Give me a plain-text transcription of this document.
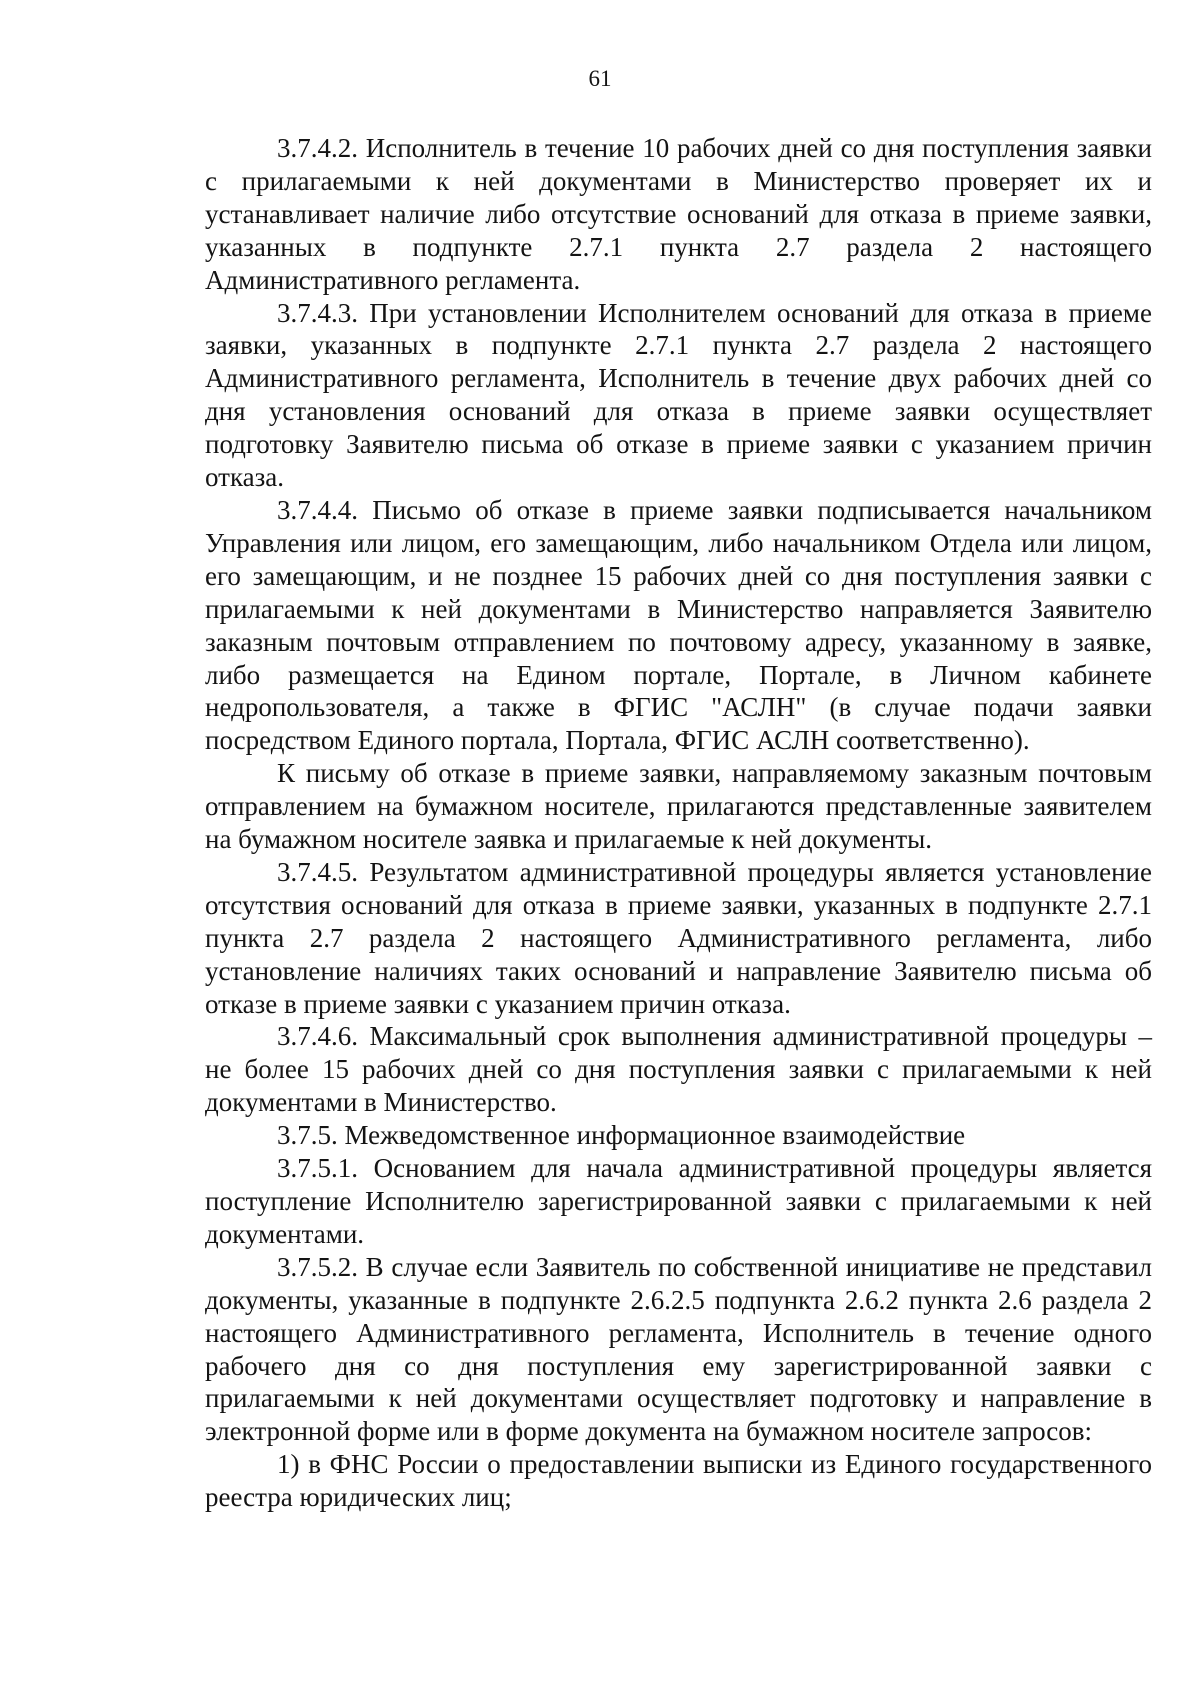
61

3.7.4.2. Исполнитель в течение 10 рабочих дней со дня поступления заявки с прилагаемыми к ней документами в Министерство проверяет их и устанавливает наличие либо отсутствие оснований для отказа в приеме заявки, указанных в подпункте 2.7.1 пункта 2.7 раздела 2 настоящего Административного регламента.

3.7.4.3. При установлении Исполнителем оснований для отказа в приеме заявки, указанных в подпункте 2.7.1 пункта 2.7 раздела 2 настоящего Административного регламента, Исполнитель в течение двух рабочих дней со дня установления оснований для отказа в приеме заявки осуществляет подготовку Заявителю письма об отказе в приеме заявки с указанием причин отказа.

3.7.4.4. Письмо об отказе в приеме заявки подписывается начальником Управления или лицом, его замещающим, либо начальником Отдела или лицом, его замещающим, и не позднее 15 рабочих дней со дня поступления заявки с прилагаемыми к ней документами в Министерство направляется Заявителю заказным почтовым отправлением по почтовому адресу, указанному в заявке, либо размещается на Едином портале, Портале, в Личном кабинете недропользователя, а также в ФГИС "АСЛН" (в случае подачи заявки посредством Единого портала, Портала, ФГИС АСЛН соответственно).

К письму об отказе в приеме заявки, направляемому заказным почтовым отправлением на бумажном носителе, прилагаются представленные заявителем на бумажном носителе заявка и прилагаемые к ней документы.

3.7.4.5. Результатом административной процедуры является установление отсутствия оснований для отказа в приеме заявки, указанных в подпункте 2.7.1 пункта 2.7 раздела 2 настоящего Административного регламента, либо установление наличиях таких оснований и направление Заявителю письма об отказе в приеме заявки с указанием причин отказа.

3.7.4.6. Максимальный срок выполнения административной процедуры – не более 15 рабочих дней со дня поступления заявки с прилагаемыми к ней документами в Министерство.

3.7.5. Межведомственное информационное взаимодействие

3.7.5.1. Основанием для начала административной процедуры является поступление Исполнителю зарегистрированной заявки с прилагаемыми к ней документами.

3.7.5.2. В случае если Заявитель по собственной инициативе не представил документы, указанные в подпункте 2.6.2.5 подпункта 2.6.2 пункта 2.6 раздела 2 настоящего Административного регламента, Исполнитель в течение одного рабочего дня со дня поступления ему зарегистрированной заявки с прилагаемыми к ней документами осуществляет подготовку и направление в электронной форме или в форме документа на бумажном носителе запросов:

1) в ФНС России о предоставлении выписки из Единого государственного реестра юридических лиц;
